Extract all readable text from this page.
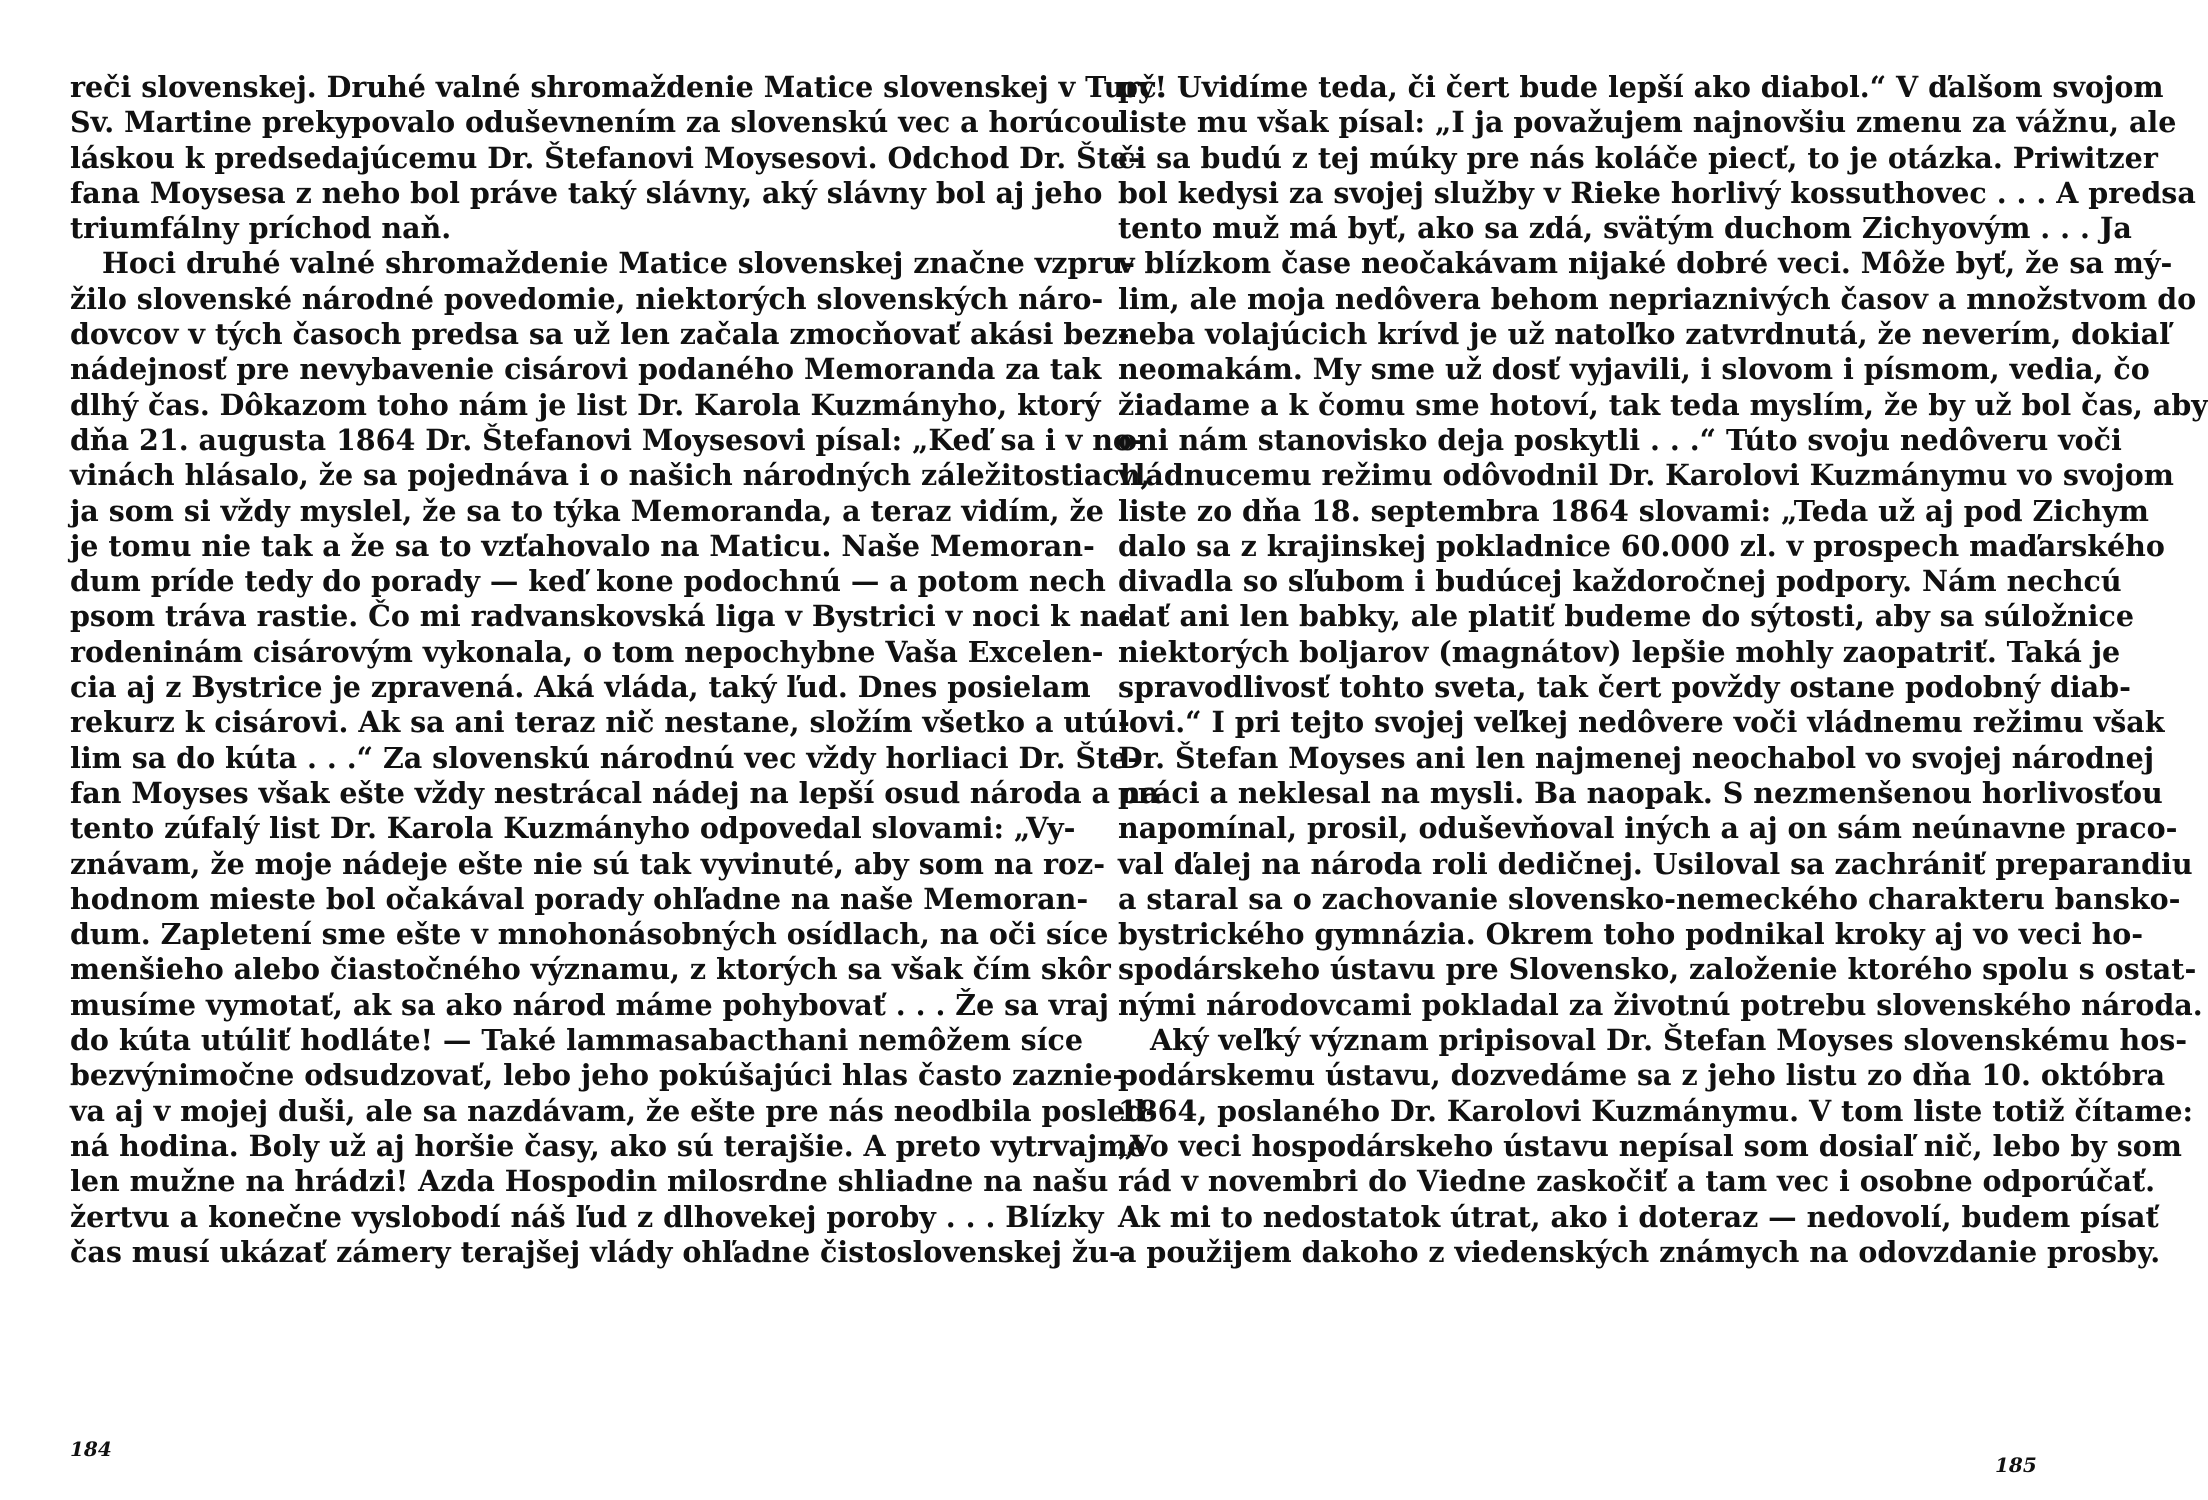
reči slovenskej. Druhé valné shromaždenie Matice slovenskej v Turč.
Sv. Martine prekypovalo oduševnením za slovenskú vec a horúcou
láskou k predsedajúcemu Dr. Štefanovi Moysesovi. Odchod Dr. Šte-
fana Moysesa z neho bol práve taký slávny, aký slávny bol aj jeho
triumfálny príchod naň.
Hoci druhé valné shromaždenie Matice slovenskej značne vzpru-
žilo slovenské národné povedomie, niektorých slovenských náro-
dovcov v tých časoch predsa sa už len začala zmocňovať akási bez-
nádejnosť pre nevybavenie cisárovi podaného Memoranda za tak
dlhý čas. Dôkazom toho nám je list Dr. Karola Kuzmányho, ktorý
dňa 21. augusta 1864 Dr. Štefanovi Moysesovi písal: „Keď sa i v no-
vinách hlásalo, že sa pojednáva i o našich národných záležitostiach,
ja som si vždy myslel, že sa to týka Memoranda, a teraz vidím, že
je tomu nie tak a že sa to vzťahovalo na Maticu. Naše Memoran-
dum príde tedy do porady — keď kone podochnú — a potom nech
psom tráva rastie. Čo mi radvanskovská liga v Bystrici v noci k na-
rodeninám cisárovým vykonala, o tom nepochybne Vaša Excelen-
cia aj z Bystrice je zpravená. Aká vláda, taký ľud. Dnes posielam
rekurz k cisárovi. Ak sa ani teraz nič nestane, složím všetko a utú-
lim sa do kúta . . .“ Za slovenskú národnú vec vždy horliaci Dr. Šte-
fan Moyses však ešte vždy nestrácal nádej na lepší osud národa a na
tento zúfalý list Dr. Karola Kuzmányho odpovedal slovami: „Vy-
znávam, že moje nádeje ešte nie sú tak vyvinuté, aby som na roz-
hodnom mieste bol očakával porady ohľadne na naše Memoran-
dum. Zapletení sme ešte v mnohonásobných osídlach, na oči síce
menšieho alebo čiastočného významu, z ktorých sa však čím skôr
musíme vymotať, ak sa ako národ máme pohybovať . . . Že sa vraj
do kúta utúliť hodláte! — Také lammasabacthani nemôžem síce
bezvýnimočne odsudzovať, lebo jeho pokúšajúci hlas často zaznie-
va aj v mojej duši, ale sa nazdávam, že ešte pre nás neodbila posled-
ná hodina. Boly už aj horšie časy, ako sú terajšie. A preto vytrvajme
len mužne na hrádzi! Azda Hospodin milosrdne shliadne na našu
žertvu a konečne vyslobodí náš ľud z dlhovekej poroby . . . Blízky
čas musí ukázať zámery terajšej vlády ohľadne čistoslovenskej žu-
py! Uvidíme teda, či čert bude lepší ako diabol.“ V ďalšom svojom
liste mu však písal: „I ja považujem najnovšiu zmenu za vážnu, ale
či sa budú z tej múky pre nás koláče piecť, to je otázka. Priwitzer
bol kedysi za svojej služby v Rieke horlivý kossuthovec . . . A predsa
tento muž má byť, ako sa zdá, svätým duchom Zichyovým . . . Ja
v blízkom čase neočakávam nijaké dobré veci. Môže byť, že sa mý-
lim, ale moja nedôvera behom nepriaznivých časov a množstvom do
neba volajúcich krívd je už natoľko zatvrdnutá, že neverím, dokiaľ
neomakám. My sme už dosť vyjavili, i slovom i písmom, vedia, čo
žiadame a k čomu sme hotoví, tak teda myslím, že by už bol čas, aby
oni nám stanovisko deja poskytli . . .“ Túto svoju nedôveru voči
vládnucemu režimu odôvodnil Dr. Karolovi Kuzmánymu vo svojom
liste zo dňa 18. septembra 1864 slovami: „Teda už aj pod Zichym
dalo sa z krajinskej pokladnice 60.000 zl. v prospech maďarského
divadla so sľubom i budúcej každoročnej podpory. Nám nechcú
dať ani len babky, ale platiť budeme do sýtosti, aby sa súložnice
niektorých boljarov (magnátov) lepšie mohly zaopatriť. Taká je
spravodlivosť tohto sveta, tak čert povždy ostane podobný diab-
lovi.“ I pri tejto svojej veľkej nedôvere voči vládnemu režimu však
Dr. Štefan Moyses ani len najmenej neochabol vo svojej národnej
práci a neklesal na mysli. Ba naopak. S nezmenšenou horlivosťou
napomínal, prosil, oduševňoval iných a aj on sám neúnavne praco-
val ďalej na národa roli dedičnej. Usiloval sa zachrániť preparandiu
a staral sa o zachovanie slovensko-nemeckého charakteru bansko-
bystrického gymnázia. Okrem toho podnikal kroky aj vo veci ho-
spodárskeho ústavu pre Slovensko, založenie ktorého spolu s ostat-
nými národovcami pokladal za životnú potrebu slovenského národa.
Aký veľký význam pripisoval Dr. Štefan Moyses slovenskému hos-
podárskemu ústavu, dozvedáme sa z jeho listu zo dňa 10. októbra
1864, poslaného Dr. Karolovi Kuzmánymu. V tom liste totiž čítame:
„Vo veci hospodárskeho ústavu nepísal som dosiaľ nič, lebo by som
rád v novembri do Viedne zaskočiť a tam vec i osobne odporúčať.
Ak mi to nedostatok útrat, ako i doteraz — nedovolí, budem písať
a použijem dakoho z viedenských známych na odovzdanie prosby.
184
185
